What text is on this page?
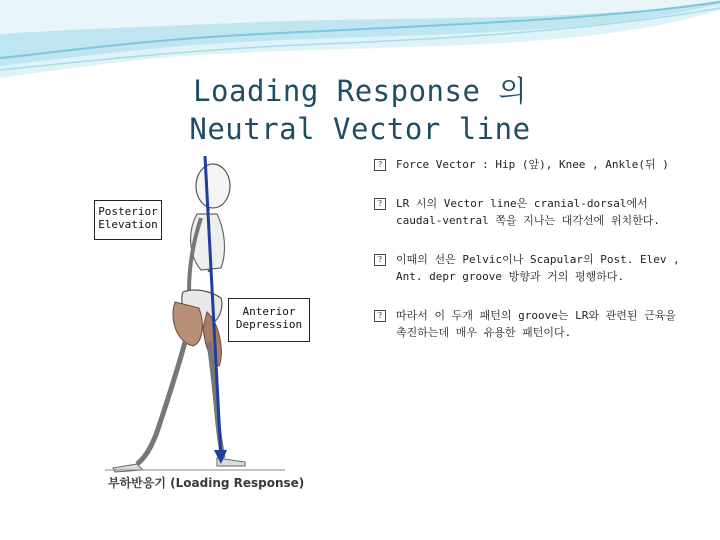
Loading Response 의
Neutral Vector line
부하반응기 (Loading Response)
Posterior
Elevation
Anterior
Depression
?	Force Vector : Hip (앞), Knee , Ankle(뒤 )
?	LR 시의 Vector line은 cranial-dorsal에서 caudal-ventral 쪽을 지나는 대각선에 위치한다.
?	이때의 선은 Pelvic이나 Scapular의 Post. Elev , Ant. depr groove 방향과 거의 평행하다.
?	따라서 이 두개 패턴의 groove는 LR와 관련된 근육을 촉진하는데 매우 유용한 패턴이다.
